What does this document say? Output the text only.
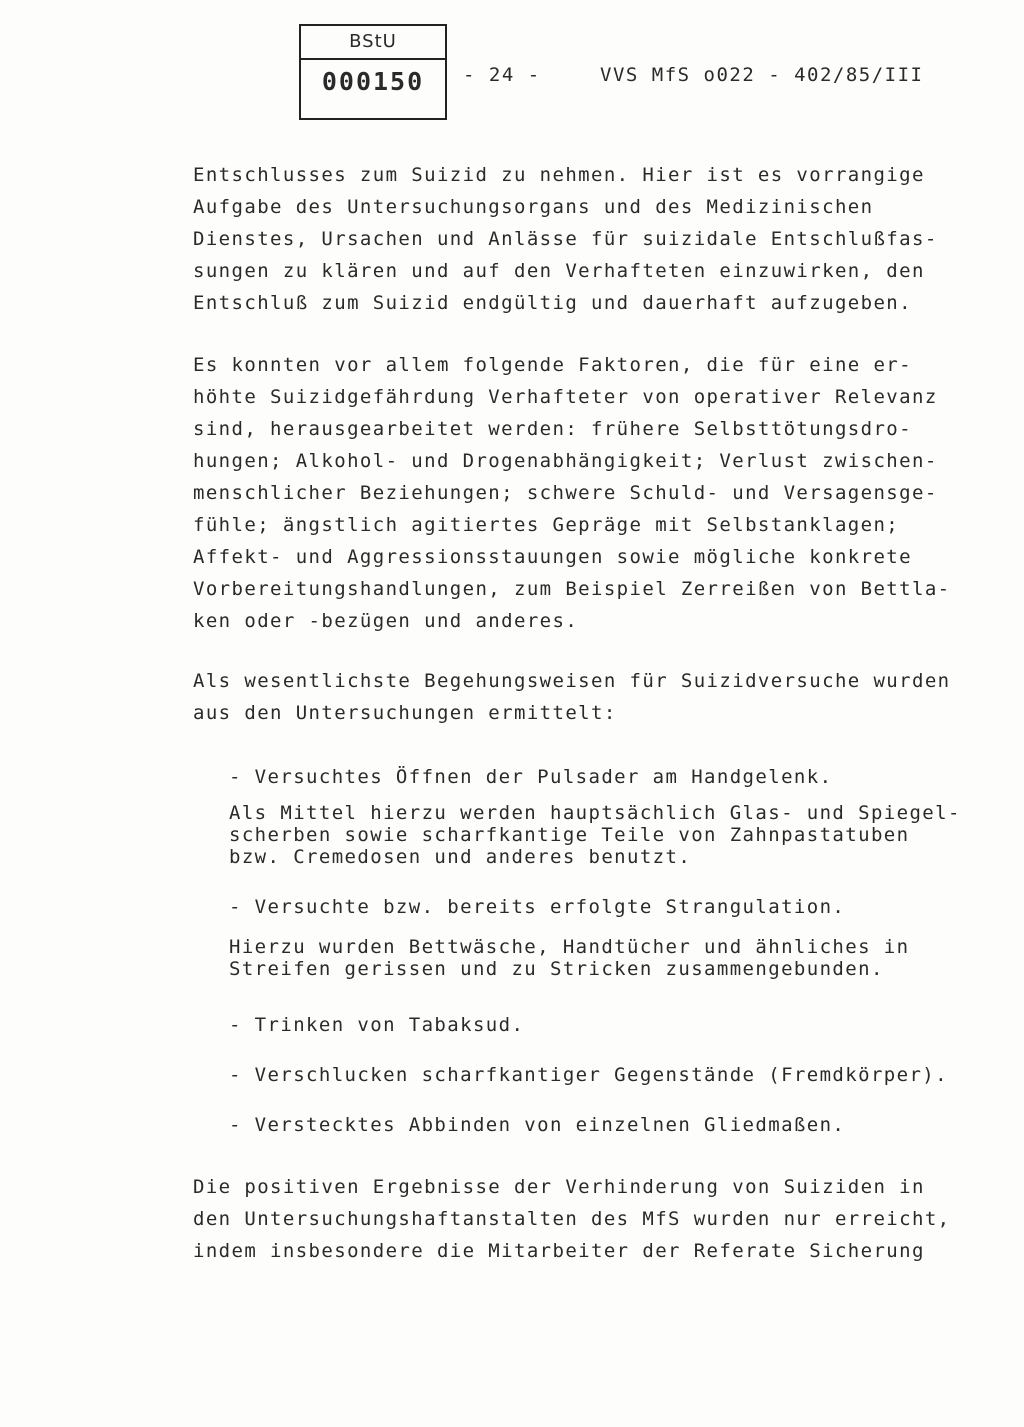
BStU
000150	- 24 -	VVS MfS o022 - 402/85/III
Entschlusses zum Suizid zu nehmen. Hier ist es vorrangige
Aufgabe des Untersuchungsorgans und des Medizinischen
Dienstes, Ursachen und Anlässe für suizidale Entschlußfas-
sungen zu klären und auf den Verhafteten einzuwirken, den
Entschluß zum Suizid endgültig und dauerhaft aufzugeben.
Es konnten vor allem folgende Faktoren, die für eine er-
höhte Suizidgefährdung Verhafteter von operativer Relevanz
sind, herausgearbeitet werden: frühere Selbsttötungsdro-
hungen; Alkohol- und Drogenabhängigkeit; Verlust zwischen-
menschlicher Beziehungen; schwere Schuld- und Versagensge-
fühle; ängstlich agitiertes Gepräge mit Selbstanklagen;
Affekt- und Aggressionsstauungen sowie mögliche konkrete
Vorbereitungshandlungen, zum Beispiel Zerreißen von Bettla-
ken oder -bezügen und anderes.
Als wesentlichste Begehungsweisen für Suizidversuche wurden
aus den Untersuchungen ermittelt:
- Versuchtes Öffnen der Pulsader am Handgelenk.
Als Mittel hierzu werden hauptsächlich Glas- und Spiegel-
scherben sowie scharfkantige Teile von Zahnpastatuben
bzw. Cremedosen und anderes benutzt.
- Versuchte bzw. bereits erfolgte Strangulation.
Hierzu wurden Bettwäsche, Handtücher und ähnliches in
Streifen gerissen und zu Stricken zusammengebunden.
- Trinken von Tabaksud.
- Verschlucken scharfkantiger Gegenstände (Fremdkörper).
- Verstecktes Abbinden von einzelnen Gliedmaßen.
Die positiven Ergebnisse der Verhinderung von Suiziden in
den Untersuchungshaftanstalten des MfS wurden nur erreicht,
indem insbesondere die Mitarbeiter der Referate Sicherung
